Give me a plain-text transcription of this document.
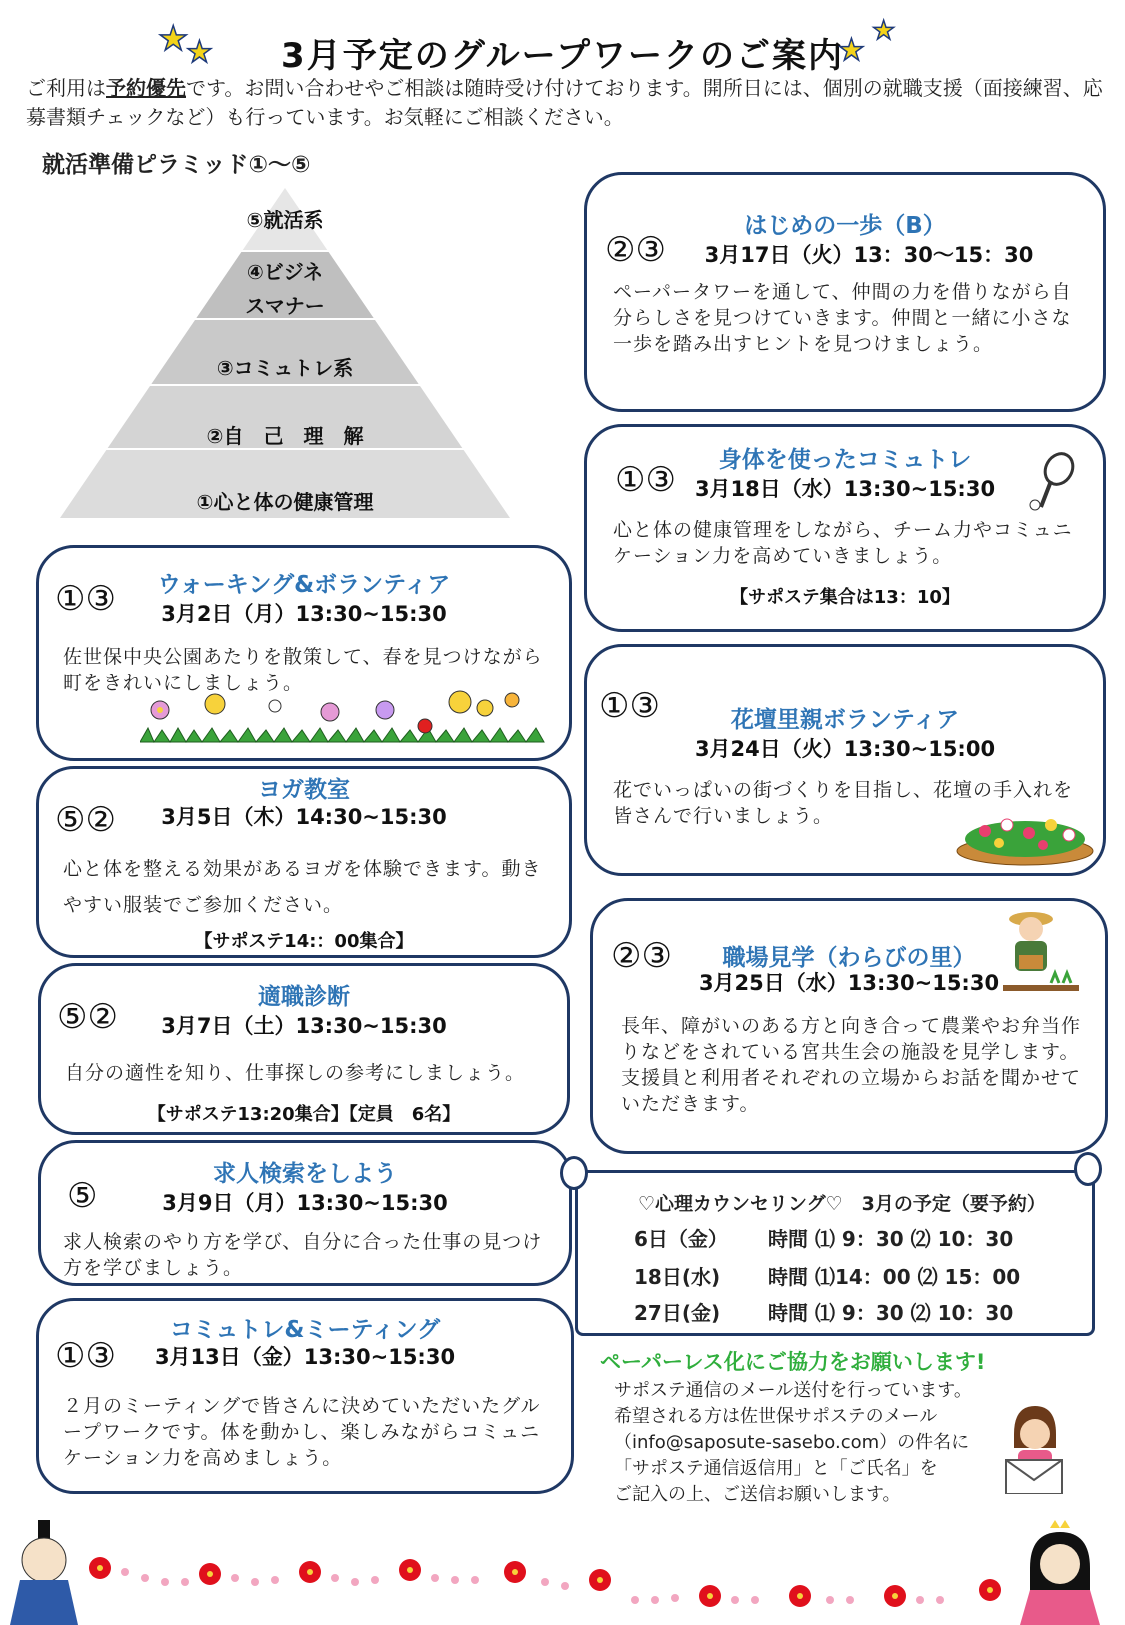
★
★	3月予定のグループワークのご案内
★
★
ご利用は予約優先です。お問い合わせやご相談は随時受け付けております。開所日には、個別の就職支援（面接練習、応募書類チェックなど）も行っています。お気軽にご相談ください。
就活準備ピラミッド①～⑤
⑤就活系
④ビジネ
スマナー
③コミュトレ系
②自　己　理　解
①心と体の健康管理
①③	ウォーキング&ボランティア
3月2日（月）13:30~15:30
佐世保中央公園あたりを散策して、春を見つけながら町をきれいにしましょう。
⑤②
ヨガ教室
3月5日（木）14:30~15:30
心と体を整える効果があるヨガを体験できます。動きやすい服装でご参加ください。
【サポステ14:：00集合】
⑤②	適職診断
3月7日（土）13:30~15:30
自分の適性を知り、仕事探しの参考にしましょう。
【サポステ13:20集合】【定員　6名】
⑤
求人検索をしよう
3月9日（月）13:30~15:30
求人検索のやり方を学び、自分に合った仕事の見つけ方を学びましょう。
①③
コミュトレ&ミーティング
3月13日（金）13:30~15:30
２月のミーティングで皆さんに決めていただいたグループワークです。体を動かし、楽しみながらコミュニケーション力を高めましょう。
②③
はじめの一歩（B）
3月17日（火）13：30～15：30
ペーパータワーを通して、仲間の力を借りながら自分らしさを見つけていきます。仲間と一緒に小さな一歩を踏み出すヒントを見つけましょう。
①③	身体を使ったコミュトレ
3月18日（水）13:30~15:30
心と体の健康管理をしながら、チーム力やコミュニケーション力を高めていきましょう。
【サポステ集合は13：10】
①③	花壇里親ボランティア
3月24日（火）13:30~15:00
花でいっぱいの街づくりを目指し、花壇の手入れを皆さんで行いましょう。
②③	職場見学（わらびの里）
3月25日（水）13:30~15:30
長年、障がいのある方と向き合って農業やお弁当作りなどをされている宮共生会の施設を見学します。支援員と利用者それぞれの立場からお話を聞かせていただきます。
♡心理カウンセリング♡　3月の予定（要予約）
6日（金） 時間 ⑴ 9：30 ⑵ 10：30
18日(水) 時間 ⑴14：00 ⑵ 15：00
27日(金) 時間 ⑴ 9：30 ⑵ 10：30
ペーパーレス化にご協力をお願いします!
サポステ通信のメール送付を行っています。
希望される方は佐世保サポステのメール
（info@saposute-sasebo.com）の件名に
「サポステ通信返信用」と「ご氏名」を
ご記入の上、ご送信お願いします。
